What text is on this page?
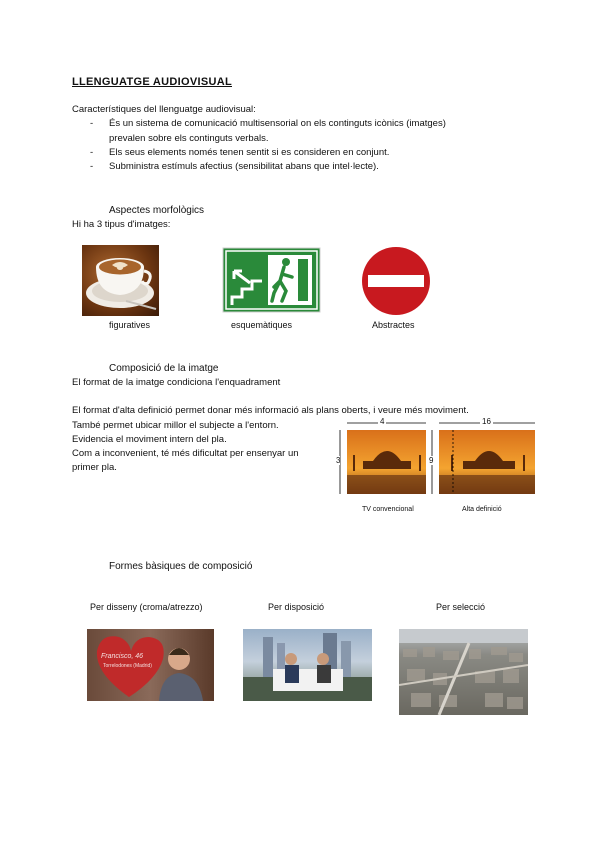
LLENGUATGE AUDIOVISUAL
Característiques del llenguatge audiovisual:
- És un sistema de comunicació multisensorial on els continguts icònics (imatges)
prevalen sobre els continguts verbals.
- Els seus elements només tenen sentit si es consideren en conjunt.
- Subministra estímuls afectius (sensibilitat abans que intel·lecte).
Aspectes morfològics
Hi ha 3 tipus d'imatges:
figuratives	esquemàtiques	Abstractes
Composició de la imatge
El format de la imatge condiciona l'enquadrament
El format d'alta definició permet donar més informació als plans oberts, i veure més moviment.
També permet ubicar millor el subjecte a l'entorn.
Evidencia el moviment intern del pla.
Com a inconvenient, té més dificultat per ensenyar un
primer pla.
4
3
16
9
TV convencional	Alta definició
Formes bàsiques de composició
Per disseny (croma/atrezzo)	Per disposició	Per selecció
Francisco, 46
Torrelodones (Madrid)
